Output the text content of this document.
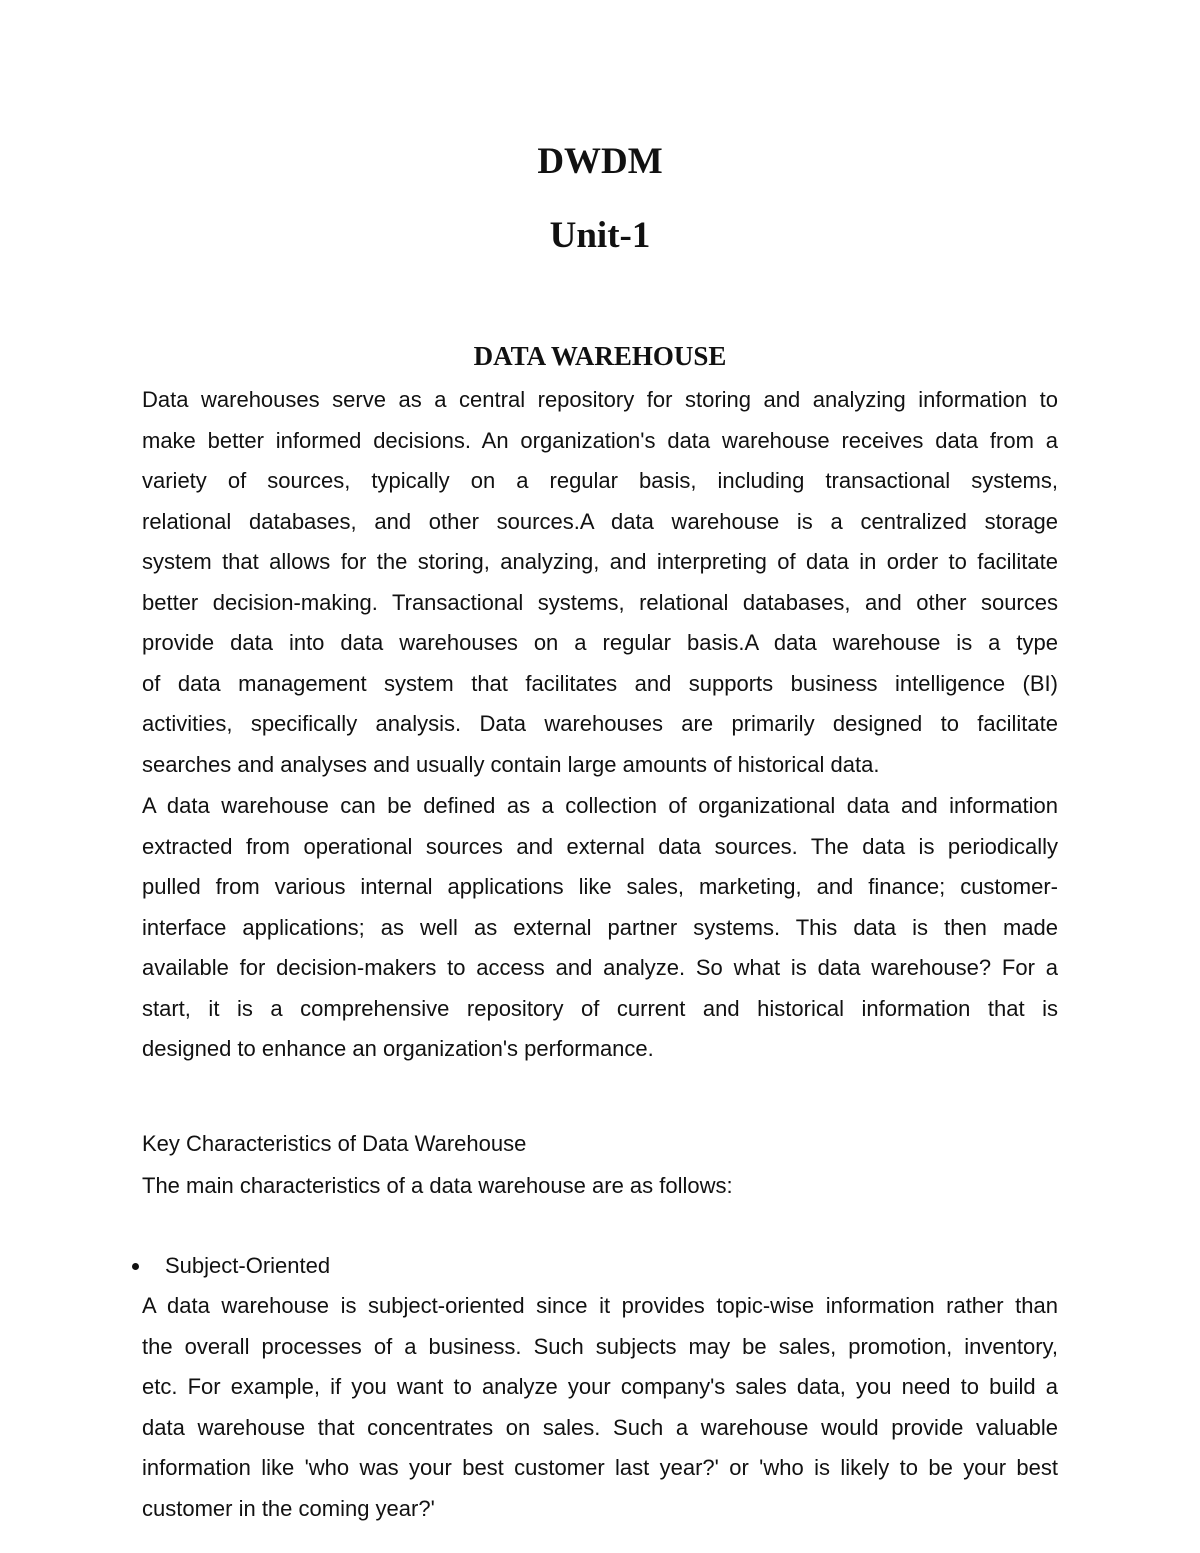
DWDM
Unit-1
DATA WAREHOUSE
Data warehouses serve as a central repository for storing and analyzing information to
make better informed decisions. An organization's data warehouse receives data from a
variety of sources, typically on a regular basis, including transactional systems,
relational databases, and other sources.A data warehouse is a centralized storage
system that allows for the storing, analyzing, and interpreting of data in order to facilitate
better decision-making. Transactional systems, relational databases, and other sources
provide data into data warehouses on a regular basis.A data warehouse is a type
of data management system that facilitates and supports business intelligence (BI)
activities, specifically analysis. Data warehouses are primarily designed to facilitate
searches and analyses and usually contain large amounts of historical data.
A data warehouse can be defined as a collection of organizational data and information
extracted from operational sources and external data sources. The data is periodically
pulled from various internal applications like sales, marketing, and finance; customer-
interface applications; as well as external partner systems. This data is then made
available for decision-makers to access and analyze. So what is data warehouse? For a
start, it is a comprehensive repository of current and historical information that is
designed to enhance an organization's performance.
Key Characteristics of Data Warehouse
The main characteristics of a data warehouse are as follows:
Subject-Oriented
A data warehouse is subject-oriented since it provides topic-wise information rather than
the overall processes of a business. Such subjects may be sales, promotion, inventory,
etc. For example, if you want to analyze your company's sales data, you need to build a
data warehouse that concentrates on sales. Such a warehouse would provide valuable
information like 'who was your best customer last year?' or 'who is likely to be your best
customer in the coming year?'
